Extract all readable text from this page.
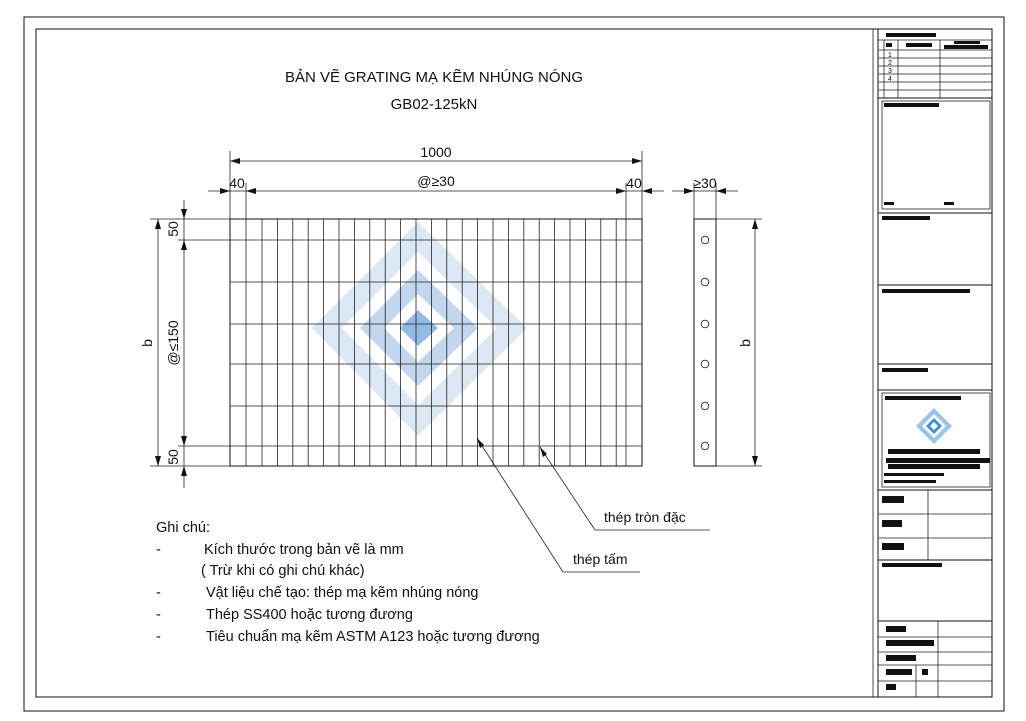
BẢN VẼ GRATING MẠ KẼM NHÚNG NÓNG
GB02-125kN
1000
40	40
@≥30
b
50
@≤150
50
≥30
b
thép tròn đặc
thép tấm
Ghi chú:
-	Kích thước trong bản vẽ là mm
( Trừ khi có ghi chú khác)
-	Vật liệu chế tạo: thép mạ kẽm nhúng nóng
-	Thép SS400 hoặc tương đương
-	Tiêu chuẩn mạ kẽm ASTM A123 hoặc tương đương
1
2
3
4
